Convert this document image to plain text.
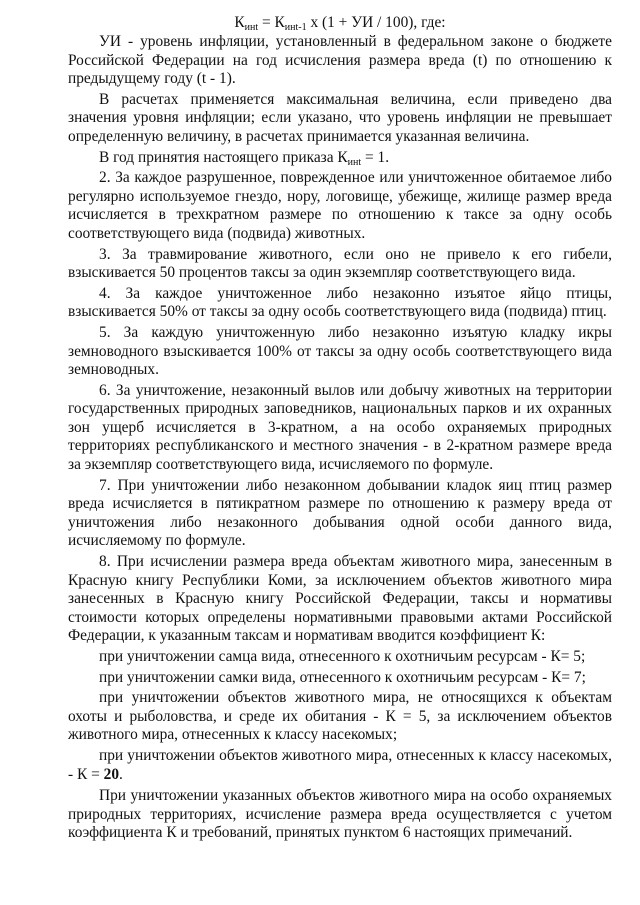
$К_{инt} = К_{инt-1}$ х (1 + УИ / 100), где:

УИ - уровень инфляции, установленный в федеральном законе о бюджете Российской Федерации на год исчисления размера вреда (t) по отношению к предыдущему году (t - 1).

В расчетах применяется максимальная величина, если приведено два значения уровня инфляции; если указано, что уровень инфляции не превышает определенную величину, в расчетах принимается указанная величина.

В год принятия настоящего приказа $К_{инt} = 1$.

2. За каждое разрушенное, поврежденное или уничтоженное обитаемое либо регулярно используемое гнездо, нору, логовище, убежище, жилище размер вреда исчисляется в трехкратном размере по отношению к таксе за одну особь соответствующего вида (подвида) животных.

3. За травмирование животного, если оно не привело к его гибели, взыскивается 50 процентов таксы за один экземпляр соответствующего вида.

4. За каждое уничтоженное либо незаконно изъятое яйцо птицы, взыскивается 50% от таксы за одну особь соответствующего вида (подвида) птиц.

5. За каждую уничтоженную либо незаконно изъятую кладку икры земноводного взыскивается 100% от таксы за одну особь соответствующего вида земноводных.

6. За уничтожение, незаконный вылов или добычу животных на территории государственных природных заповедников, национальных парков и их охранных зон ущерб исчисляется в 3-кратном, а на особо охраняемых природных территориях республиканского и местного значения - в 2-кратном размере вреда за экземпляр соответствующего вида, исчисляемого по формуле.

7. При уничтожении либо незаконном добывании кладок яиц птиц размер вреда исчисляется в пятикратном размере по отношению к размеру вреда от уничтожения либо незаконного добывания одной особи данного вида, исчисляемому по формуле.

8. При исчислении размера вреда объектам животного мира, занесенным в Красную книгу Республики Коми, за исключением объектов животного мира занесенных в Красную книгу Российской Федерации, таксы и нормативы стоимости которых определены нормативными правовыми актами Российской Федерации, к указанным таксам и нормативам вводится коэффициент К:

при уничтожении самца вида, отнесенного к охотничьим ресурсам - К= 5;

при уничтожении самки вида, отнесенного к охотничьим ресурсам - К= 7;

при уничтожении объектов животного мира, не относящихся к объектам охоты и рыболовства, и среде их обитания - К = 5, за исключением объектов животного мира, отнесенных к классу насекомых;

при уничтожении объектов животного мира, отнесенных к классу насекомых, - К = 20.

При уничтожении указанных объектов животного мира на особо охраняемых природных территориях, исчисление размера вреда осуществляется с учетом коэффициента К и требований, принятых пунктом 6 настоящих примечаний.
